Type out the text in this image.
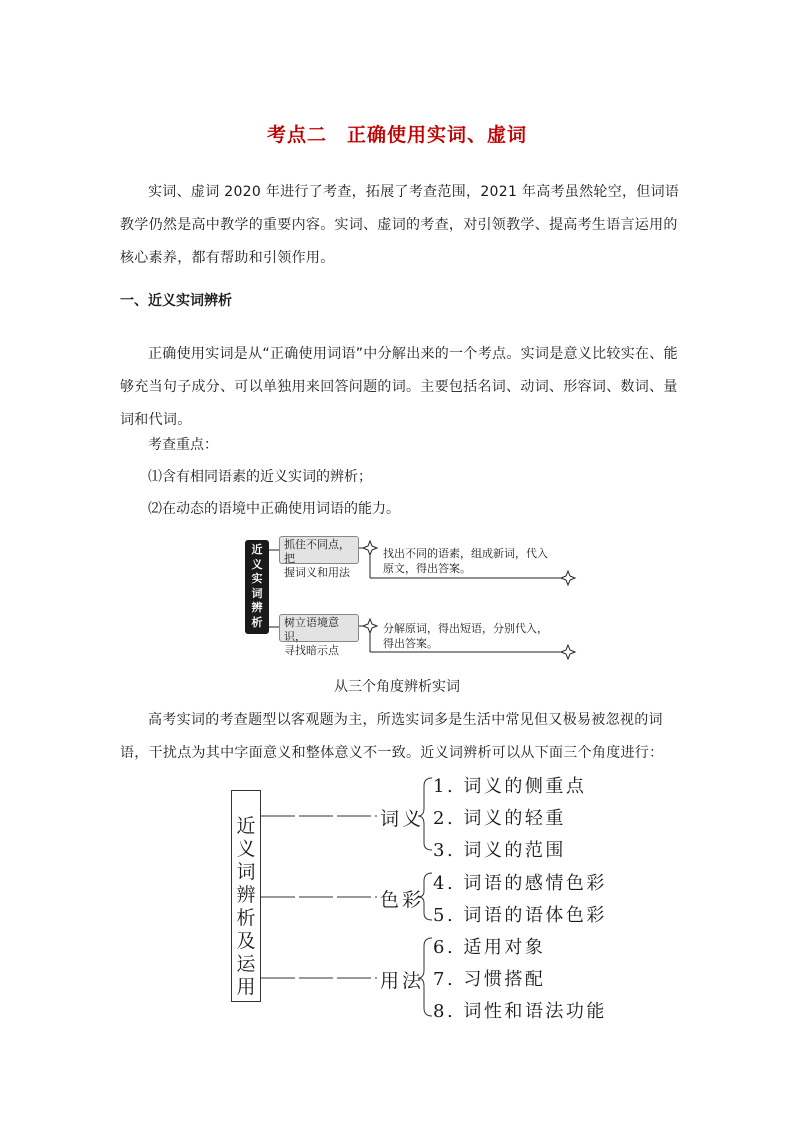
考点二　正确使用实词、虚词
实词、虚词 2020 年进行了考查，拓展了考查范围，2021 年高考虽然轮空，但词语教学仍然是高中教学的重要内容。实词、虚词的考查，对引领教学、提高考生语言运用的核心素养，都有帮助和引领作用。
一、近义实词辨析
正确使用实词是从“正确使用词语”中分解出来的一个考点。实词是意义比较实在、能够充当句子成分、可以单独用来回答问题的词。主要包括名词、动词、形容词、数词、量词和代词。
考查重点：
⑴含有相同语素的近义实词的辨析；
⑵在动态的语境中正确使用词语的能力。
近
义
实
词
辨
析
抓住不同点，把
握词义和用法
树立语境意识，
寻找暗示点
找出不同的语素，组成新词，代入
原文，得出答案。
分解原词，得出短语，分别代入，
得出答案。
从三个角度辨析实词
高考实词的考查题型以客观题为主，所选实词多是生活中常见但又极易被忽视的词语，干扰点为其中字面意义和整体意义不一致。近义词辨析可以从下面三个角度进行：
近
义
词
辨
析
及
运
用
词义
色彩
用法
1. 词义的侧重点
2. 词义的轻重
3. 词义的范围
4. 词语的感情色彩
5. 词语的语体色彩
6. 适用对象
7. 习惯搭配
8. 词性和语法功能
